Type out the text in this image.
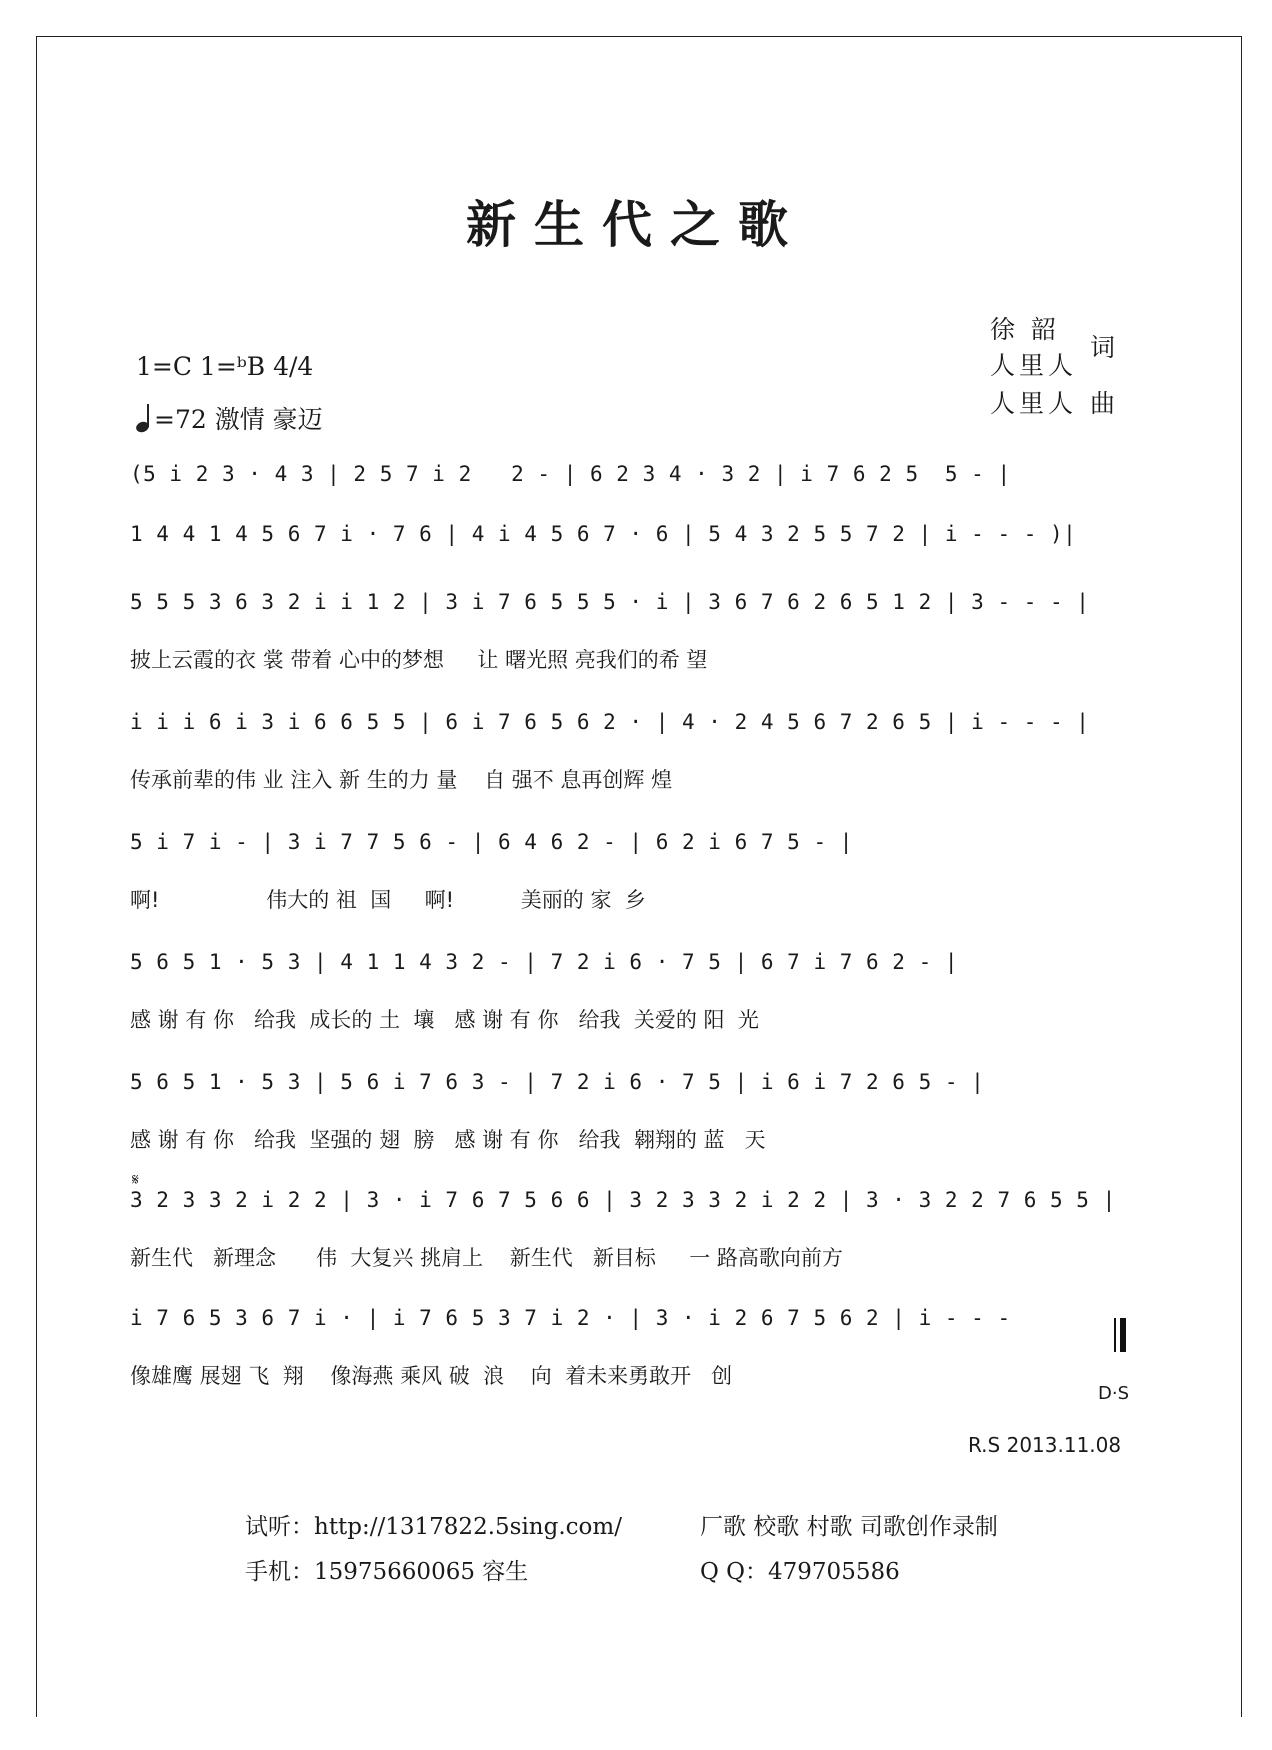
新生代之歌
徐 韶
人里人
词
人里人 曲
1=C 1=ᵇB 4/4
=72 激情 豪迈
(5 i 2 3 · 4 3 | 2 5 7 i 2   2 - | 6 2 3 4 · 3 2 | i 7 6 2 5  5 - |
1 4 4 1 4 5 6 7 i · 7 6 | 4 i 4 5 6 7 · 6 | 5 4 3 2 5 5 7 2 | i - - - )|
5 5 5 3 6 3 2 i i 1 2 | 3 i 7 6 5 5 5 · i | 3 6 7 6 2 6 5 1 2 | 3 - - - |
披上云霞的衣 裳 带着 心中的梦想     让 曙光照 亮我们的希 望
i i i 6 i 3 i 6 6 5 5 | 6 i 7 6 5 6 2 · | 4 · 2 4 5 6 7 2 6 5 | i - - - |
传承前辈的伟 业 注入 新 生的力 量    自 强不 息再创辉 煌
5 i 7 i - | 3 i 7 7 5 6 - | 6 4 6 2 - | 6 2 i 6 7 5 - |
啊!                伟大的 祖  国     啊!          美丽的 家  乡
5 6 5 1 · 5 3 | 4 1 1 4 3 2 - | 7 2 i 6 · 7 5 | 6 7 i 7 6 2 - |
感 谢 有 你   给我  成长的 土  壤   感 谢 有 你   给我  关爱的 阳  光
5 6 5 1 · 5 3 | 5 6 i 7 6 3 - | 7 2 i 6 · 7 5 | i 6 i 7 2 6 5 - |
感 谢 有 你   给我  坚强的 翅  膀   感 谢 有 你   给我  翱翔的 蓝   天
𝄋
3 2 3 3 2 i 2 2 | 3 · i 7 6 7 5 6 6 | 3 2 3 3 2 i 2 2 | 3 · 3 2 2 7 6 5 5 |
新生代   新理念      伟  大复兴 挑肩上    新生代   新目标     一 路高歌向前方
i 7 6 5 3 6 7 i · | i 7 6 5 3 7 i 2 · | 3 · i 2 6 7 5 6 2 | i - - -
像雄鹰 展翅 飞  翔    像海燕 乘风 破  浪    向  着未来勇敢开   创
D·S
R.S 2013.11.08
试听：http://1317822.5sing.com/
手机：15975660065 容生
厂歌 校歌 村歌 司歌创作录制
Q Q：479705586
